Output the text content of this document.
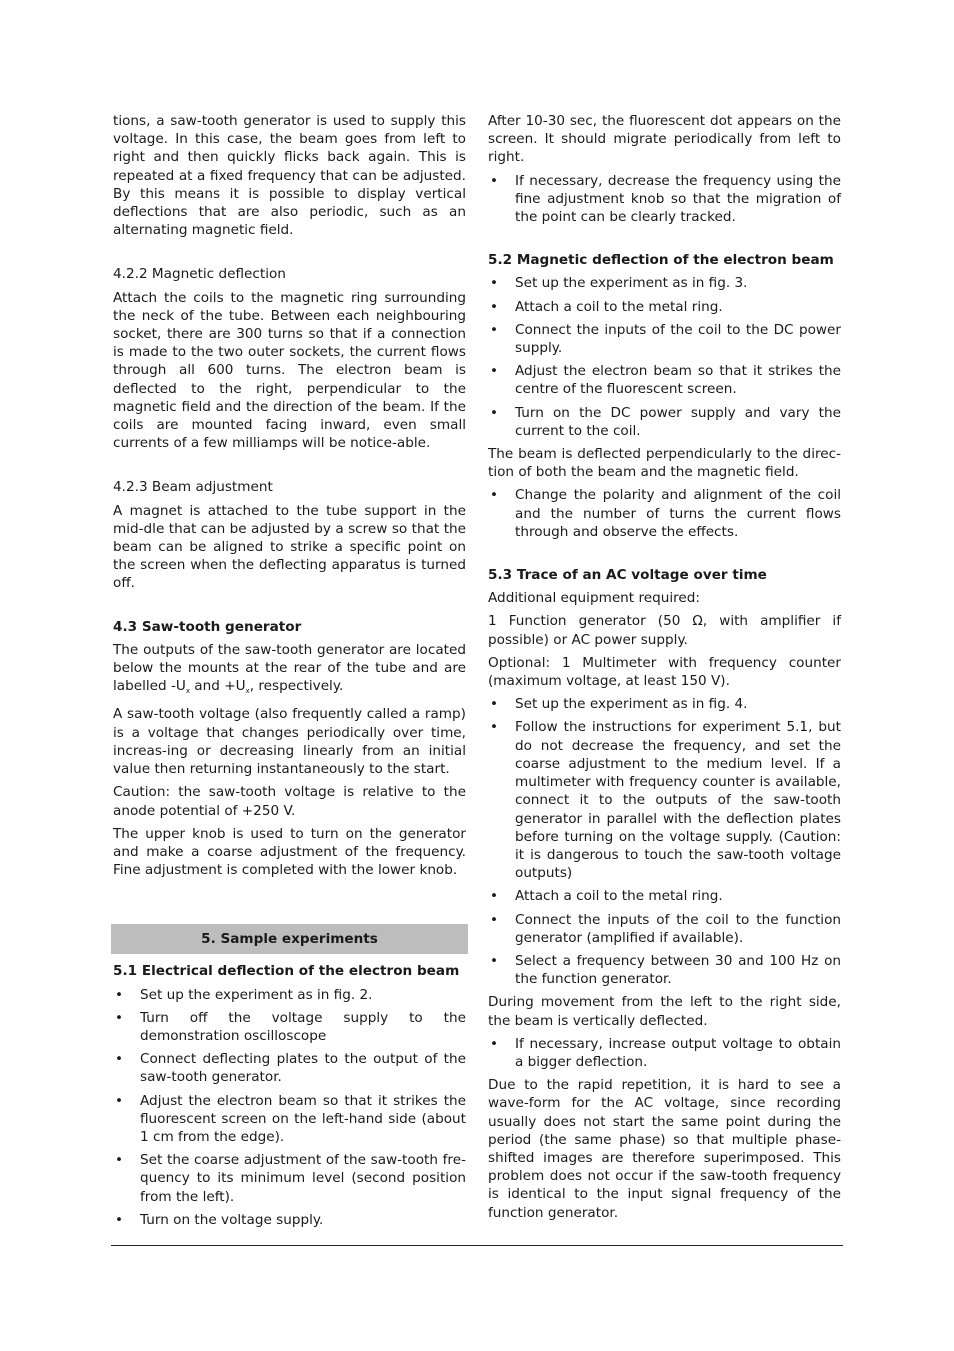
tions, a saw-tooth generator is used to supply this voltage. In this case, the beam goes from left to right and then quickly flicks back again. This is repeated at a fixed frequency that can be adjusted. By this means it is possible to display vertical deflections that are also periodic, such as an alternating magnetic field.

4.2.2 Magnetic deflection

Attach the coils to the magnetic ring surrounding the neck of the tube. Between each neighbouring socket, there are 300 turns so that if a connection is made to the two outer sockets, the current flows through all 600 turns. The electron beam is deflected to the right, perpendicular to the magnetic field and the direction of the beam. If the coils are mounted facing inward, even small currents of a few milliamps will be notice-able.

4.2.3 Beam adjustment

A magnet is attached to the tube support in the mid-dle that can be adjusted by a screw so that the beam can be aligned to strike a specific point on the screen when the deflecting apparatus is turned off.

4.3 Saw-tooth generator

The outputs of the saw-tooth generator are located below the mounts at the rear of the tube and are labelled $-U_x$ and $+U_x$, respectively.

A saw-tooth voltage (also frequently called a ramp) is a voltage that changes periodically over time, increas-ing or decreasing linearly from an initial value then returning instantaneously to the start.

Caution: the saw-tooth voltage is relative to the anode potential of +250 V.

The upper knob is used to turn on the generator and make a coarse adjustment of the frequency. Fine adjustment is completed with the lower knob.

5. Sample experiments
5.1 Electrical deflection of the electron beam
• Set up the experiment as in fig. 2.
• Turn off the voltage supply to the demonstration oscilloscope
• Connect deflecting plates to the output of the saw-tooth generator.
• Adjust the electron beam so that it strikes the fluorescent screen on the left-hand side (about 1 cm from the edge).
• Set the coarse adjustment of the saw-tooth fre-quency to its minimum level (second position from the left).
• Turn on the voltage supply.

After 10-30 sec, the fluorescent dot appears on the screen. It should migrate periodically from left to right.

• If necessary, decrease the frequency using the fine adjustment knob so that the migration of the point can be clearly tracked.
5.2 Magnetic deflection of the electron beam
• Set up the experiment as in fig. 3.
• Attach a coil to the metal ring.
• Connect the inputs of the coil to the DC power supply.
• Adjust the electron beam so that it strikes the centre of the fluorescent screen.
• Turn on the DC power supply and vary the current to the coil.

The beam is deflected perpendicularly to the direc-tion of both the beam and the magnetic field.

• Change the polarity and alignment of the coil and the number of turns the current flows through and observe the effects.
5.3 Trace of an AC voltage over time

Additional equipment required:

1 Function generator (50 Ω, with amplifier if possible) or AC power supply.

Optional: 1 Multimeter with frequency counter (maximum voltage, at least 150 V).

• Set up the experiment as in fig. 4.
• Follow the instructions for experiment 5.1, but do not decrease the frequency, and set the coarse adjustment to the medium level. If a multimeter with frequency counter is available, connect it to the outputs of the saw-tooth generator in parallel with the deflection plates before turning on the voltage supply. (Caution: it is dangerous to touch the saw-tooth voltage outputs)
• Attach a coil to the metal ring.
• Connect the inputs of the coil to the function generator (amplified if available).
• Select a frequency between 30 and 100 Hz on the function generator.

During movement from the left to the right side, the beam is vertically deflected.

• If necessary, increase output voltage to obtain a bigger deflection.

Due to the rapid repetition, it is hard to see a wave-form for the AC voltage, since recording usually does not start the same point during the period (the same phase) so that multiple phase-shifted images are therefore superimposed. This problem does not occur if the saw-tooth frequency is identical to the input signal frequency of the function generator.
